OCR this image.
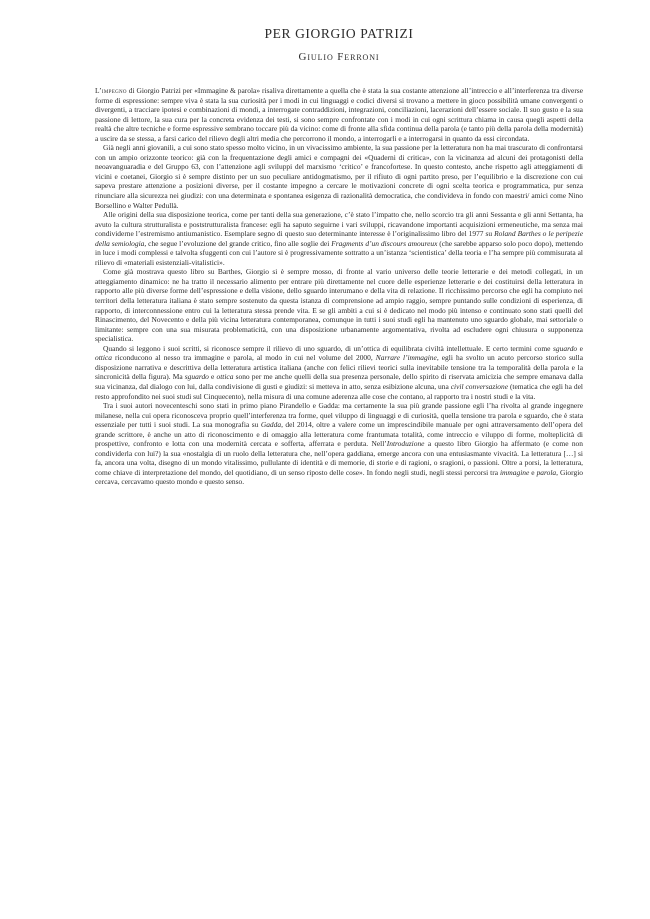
PER GIORGIO PATRIZI
Giulio Ferroni

L’impegno di Giorgio Patrizi per «Immagine & parola» risaliva direttamente a quella che è stata la sua costante attenzione all’intreccio e all’interferenza tra diverse forme di espressione: sempre viva è stata la sua curiosità per i modi in cui linguaggi e codici diversi si trovano a mettere in gioco possibilità umane convergenti o divergenti, a tracciare ipotesi e combinazioni di mondi, a interrogate contraddizioni, integrazioni, conciliazioni, lacerazioni dell’essere sociale. Il suo gusto e la sua passione di lettore, la sua cura per la concreta evidenza dei testi, si sono sempre confrontate con i modi in cui ogni scrittura chiama in causa quegli aspetti della realtà che altre tecniche e forme espressive sembrano toccare più da vicino: come di fronte alla sfida continua della parola (e tanto più della parola della modernità) a uscire da se stessa, a farsi carico del rilievo degli altri media che percorrono il mondo, a interrogarli e a interrogarsi in quanto da essi circondata.

Già negli anni giovanili, a cui sono stato spesso molto vicino, in un vivacissimo ambiente, la sua passione per la letteratura non ha mai trascurato di confrontarsi con un ampio orizzonte teorico: già con la frequentazione degli amici e compagni dei «Quaderni di critica», con la vicinanza ad alcuni dei protagonisti della neoavanguaradia e del Gruppo 63, con l’attenzione agli sviluppi del marxismo ‘critico’ e francofortese. In questo contesto, anche rispetto agli atteggiamenti di vicini e coetanei, Giorgio si è sempre distinto per un suo peculiare antidogmatismo, per il rifiuto di ogni partito preso, per l’equilibrio e la discrezione con cui sapeva prestare attenzione a posizioni diverse, per il costante impegno a cercare le motivazioni concrete di ogni scelta teorica e programmatica, pur senza rinunciare alla sicurezza nei giudizi: con una determinata e spontanea esigenza di razionalità democratica, che condivideva in fondo con maestri/ amici come Nino Borsellino e Walter Pedullà.

Alle origini della sua disposizione teorica, come per tanti della sua generazione, c’è stato l’impatto che, nello scorcio tra gli anni Sessanta e gli anni Settanta, ha avuto la cultura strutturalista e poststrutturalista francese: egli ha saputo seguirne i vari sviluppi, ricavandone importanti acquisizioni ermeneutiche, ma senza mai condividerne l’estremismo antiumanistico. Esemplare segno di questo suo determinante interesse è l’originalissimo libro del 1977 su Roland Barthes o le peripezie della semiologia, che segue l’evoluzione del grande critico, fino alle soglie dei Fragments d’un discours amoureux (che sarebbe apparso solo poco dopo), mettendo in luce i modi complessi e talvolta sfuggenti con cui l’autore si è progressivamente sottratto a un’istanza ‘scientistica’ della teoria e l’ha sempre più commisurata al rilievo di «materiali esistenziali-vitalistici».

Come già mostrava questo libro su Barthes, Giorgio si è sempre mosso, di fronte al vario universo delle teorie letterarie e dei metodi collegati, in un atteggiamento dinamico: ne ha tratto il necessario alimento per entrare più direttamente nel cuore delle esperienze letterarie e dei costituirsi della letteratura in rapporto alle più diverse forme dell’espressione e della visione, dello sguardo interumano e della vita di relazione. Il ricchissimo percorso che egli ha compiuto nei territori della letteratura italiana è stato sempre sostenuto da questa istanza di comprensione ad ampio raggio, sempre puntando sulle condizioni di esperienza, di rapporto, di interconnessione entro cui la letteratura stessa prende vita. E se gli ambiti a cui si è dedicato nel modo più intenso e continuato sono stati quelli del Rinascimento, del Novecento e della più vicina letteratura contemporanea, comunque in tutti i suoi studi egli ha mantenuto uno sguardo globale, mai settoriale o limitante: sempre con una sua misurata problematicità, con una disposizione urbanamente argomentativa, rivolta ad escludere ogni chiusura o supponenza specialistica.

Quando si leggono i suoi scritti, si riconosce sempre il rilievo di uno sguardo, di un’ottica di equilibrata civiltà intellettuale. E certo termini come sguardo e ottica riconducono al nesso tra immagine e parola, al modo in cui nel volume del 2000, Narrare l’immagine, egli ha svolto un acuto percorso storico sulla disposizione narrativa e descrittiva della letteratura artistica italiana (anche con felici rilievi teorici sulla inevitabile tensione tra la temporalità della parola e la sincronicità della figura). Ma sguardo e ottica sono per me anche quelli della sua presenza personale, dello spirito di riservata amicizia che sempre emanava dalla sua vicinanza, dal dialogo con lui, dalla condivisione di gusti e giudizi: si metteva in atto, senza esibizione alcuna, una civil conversazione (tematica che egli ha del resto approfondito nei suoi studi sul Cinquecento), nella misura di una comune aderenza alle cose che contano, al rapporto tra i nostri studi e la vita.

Tra i suoi autori novecenteschi sono stati in primo piano Pirandello e Gadda: ma certamente la sua più grande passione egli l’ha rivolta al grande ingegnere milanese, nella cui opera riconosceva proprio quell’interferenza tra forme, quel viluppo di linguaggi e di curiosità, quella tensione tra parola e sguardo, che è stata essenziale per tutti i suoi studi. La sua monografia su Gadda, del 2014, oltre a valere come un imprescindibile manuale per ogni attraversamento dell’opera del grande scrittore, è anche un atto di riconoscimento e di omaggio alla letteratura come frantumata totalità, come intreccio e viluppo di forme, molteplicità di prospettive, confronto e lotta con una modernità cercata e sofferta, afferrata e perduta. Nell’Introduzione a questo libro Giorgio ha affermato (e come non condividerla con lui?) la sua «nostalgia di un ruolo della letteratura che, nell’opera gaddiana, emerge ancora con una entusiasmante vivacità. La letteratura […] si fa, ancora una volta, disegno di un mondo vitalissimo, pullulante di identità e di memorie, di storie e di ragioni, o sragioni, o passioni. Oltre a porsi, la letteratura, come chiave di interpretazione del mondo, del quotidiano, di un senso riposto delle cose». In fondo negli studi, negli stessi percorsi tra immagine e parola, Giorgio cercava, cercavamo questo mondo e questo senso.
